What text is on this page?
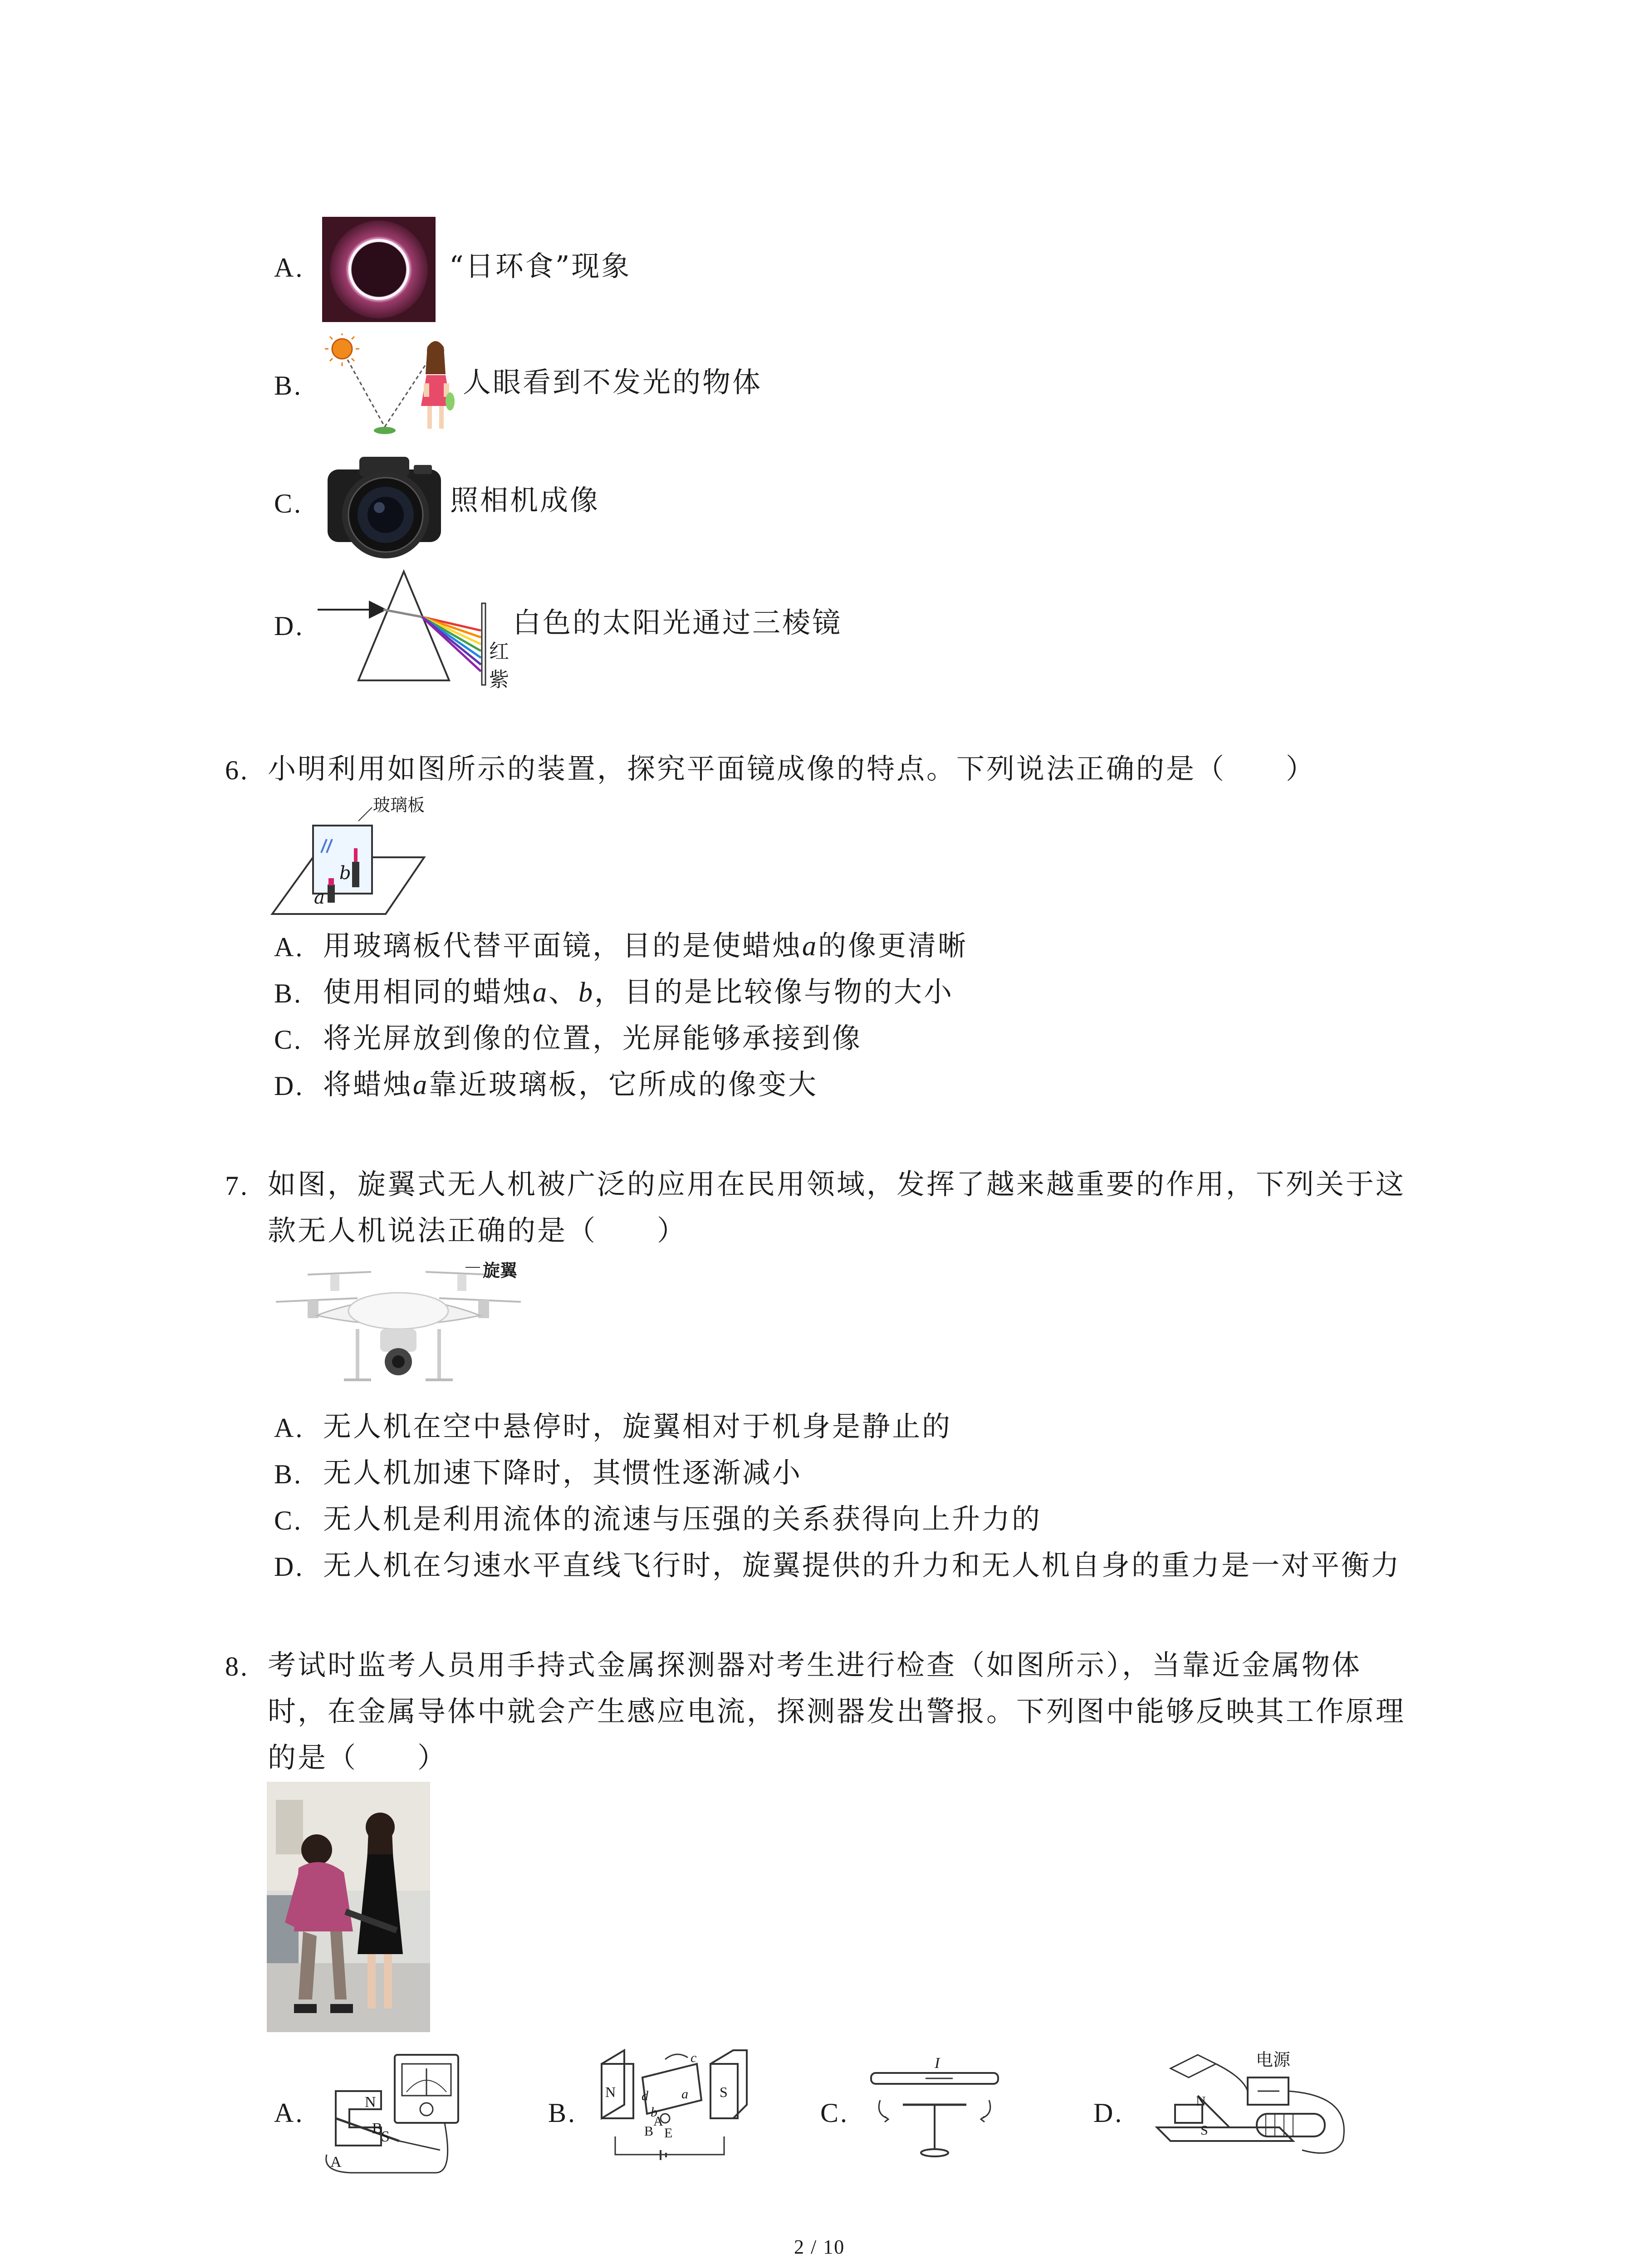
A.	“日环食”现象
B.	人眼看到不发光的物体
C.	照相机成像
D.
红
紫
白色的太阳光通过三棱镜
6. 小明利用如图所示的装置，探究平面镜成像的特点。下列说法正确的是（　　）
玻璃板
b
a
A. 用玻璃板代替平面镜，目的是使蜡烛a的像更清晰
B. 使用相同的蜡烛a、b，目的是比较像与物的大小
C. 将光屏放到像的位置，光屏能够承接到像
D. 将蜡烛a靠近玻璃板，它所成的像变大
7. 如图，旋翼式无人机被广泛的应用在民用领域，发挥了越来越重要的作用，下列关于这
款无人机说法正确的是（　　）
旋翼
A. 无人机在空中悬停时，旋翼相对于机身是静止的
B. 无人机加速下降时，其惯性逐渐减小
C. 无人机是利用流体的流速与压强的关系获得向上升力的
D. 无人机在匀速水平直线飞行时，旋翼提供的升力和无人机自身的重力是一对平衡力
8. 考试时监考人员用手持式金属探测器对考生进行检查（如图所示），当靠近金属物体
时，在金属导体中就会产生感应电流，探测器发出警报。下列图中能够反映其工作原理
的是（　　）
A.	N
S
A
B
B.
N	S
c
d a
b
A
B E
C.
I
D.
电源
N
S
2 / 10
